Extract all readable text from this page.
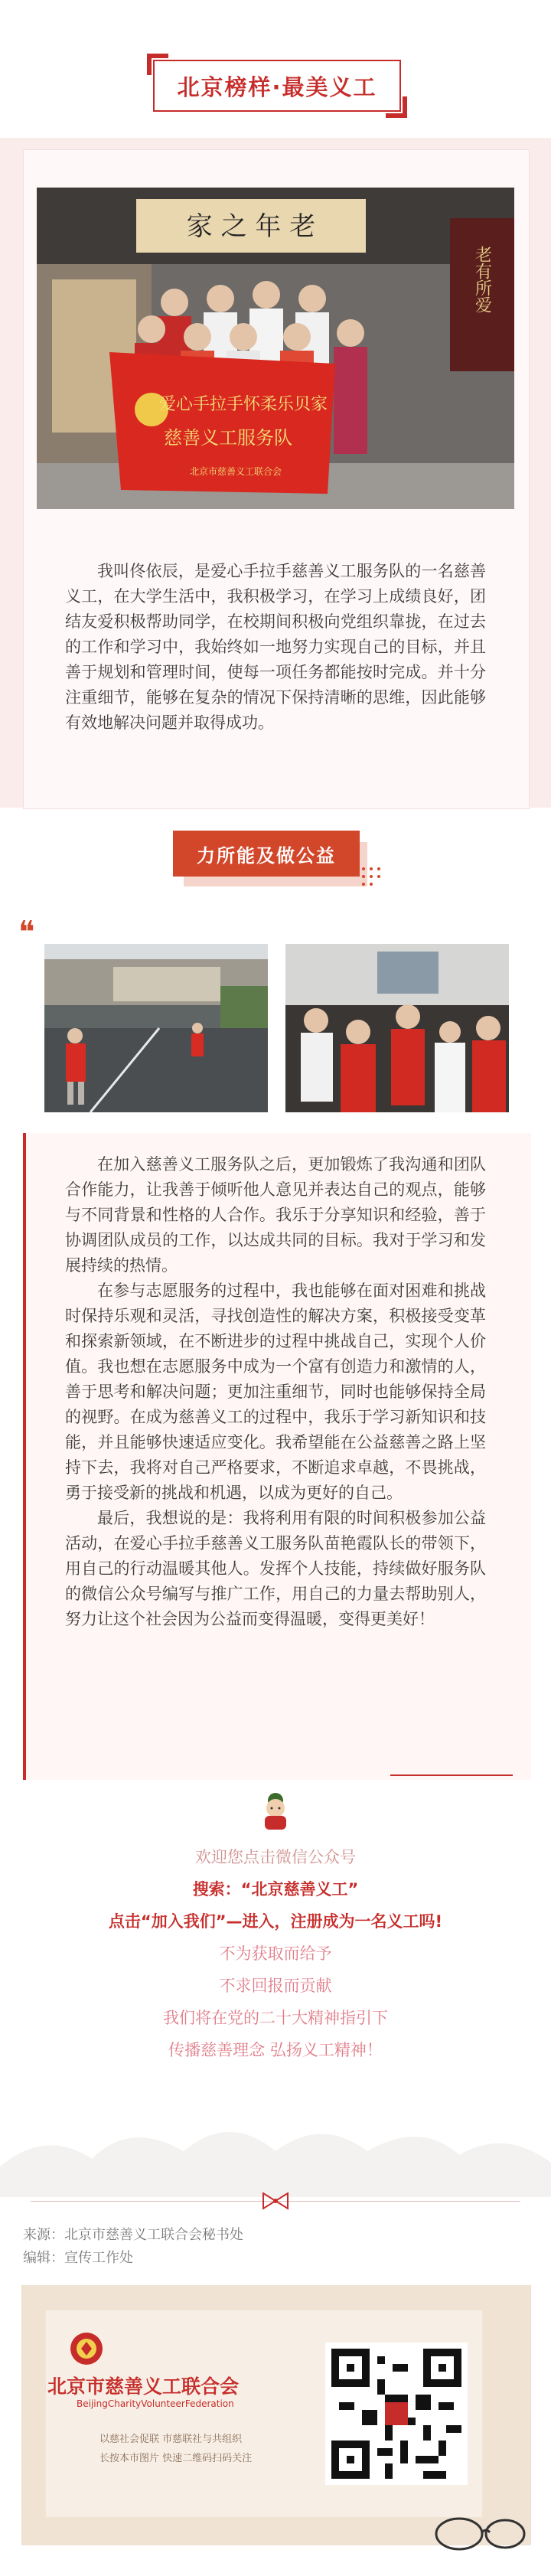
北京榜样·最美义工
家 之 年 老
老有所爱
爱心手拉手怀柔乐贝家
慈善义工服务队
北京市慈善义工联合会

我叫佟依辰，是爱心手拉手慈善义工服务队的一名慈善义工，在大学生活中，我积极学习，在学习上成绩良好，团结友爱积极帮助同学，在校期间积极向党组织靠拢，在过去的工作和学习中，我始终如一地努力实现自己的目标，并且善于规划和管理时间，使每一项任务都能按时完成。并十分注重细节，能够在复杂的情况下保持清晰的思维，因此能够有效地解决问题并取得成功。

力所能及做公益
❝

在加入慈善义工服务队之后，更加锻炼了我沟通和团队合作能力，让我善于倾听他人意见并表达自己的观点，能够与不同背景和性格的人合作。我乐于分享知识和经验，善于协调团队成员的工作，以达成共同的目标。我对于学习和发展持续的热情。

在参与志愿服务的过程中，我也能够在面对困难和挑战时保持乐观和灵活，寻找创造性的解决方案，积极接受变革和探索新领域，在不断进步的过程中挑战自己，实现个人价值。我也想在志愿服务中成为一个富有创造力和激情的人，善于思考和解决问题；更加注重细节，同时也能够保持全局的视野。在成为慈善义工的过程中，我乐于学习新知识和技能，并且能够快速适应变化。我希望能在公益慈善之路上坚持下去，我将对自己严格要求，不断追求卓越，不畏挑战，勇于接受新的挑战和机遇，以成为更好的自己。

最后，我想说的是：我将利用有限的时间积极参加公益活动，在爱心手拉手慈善义工服务队苗艳霞队长的带领下，用自己的行动温暖其他人。发挥个人技能，持续做好服务队的微信公众号编写与推广工作，用自己的力量去帮助别人，努力让这个社会因为公益而变得温暖，变得更美好！

欢迎您点击微信公众号
搜索：“北京慈善义工”
点击“加入我们”—进入，注册成为一名义工吗!
不为获取而给予
不求回报而贡献
我们将在党的二十大精神指引下
传播慈善理念 弘扬义工精神！
来源：北京市慈善义工联合会秘书处
编辑：宣传工作处
北京市慈善义工联合会
BeijingCharityVolunteerFederation
以慈社会促联 市慈联社与共组织
长按本市图片 快速二维码扫码关注
